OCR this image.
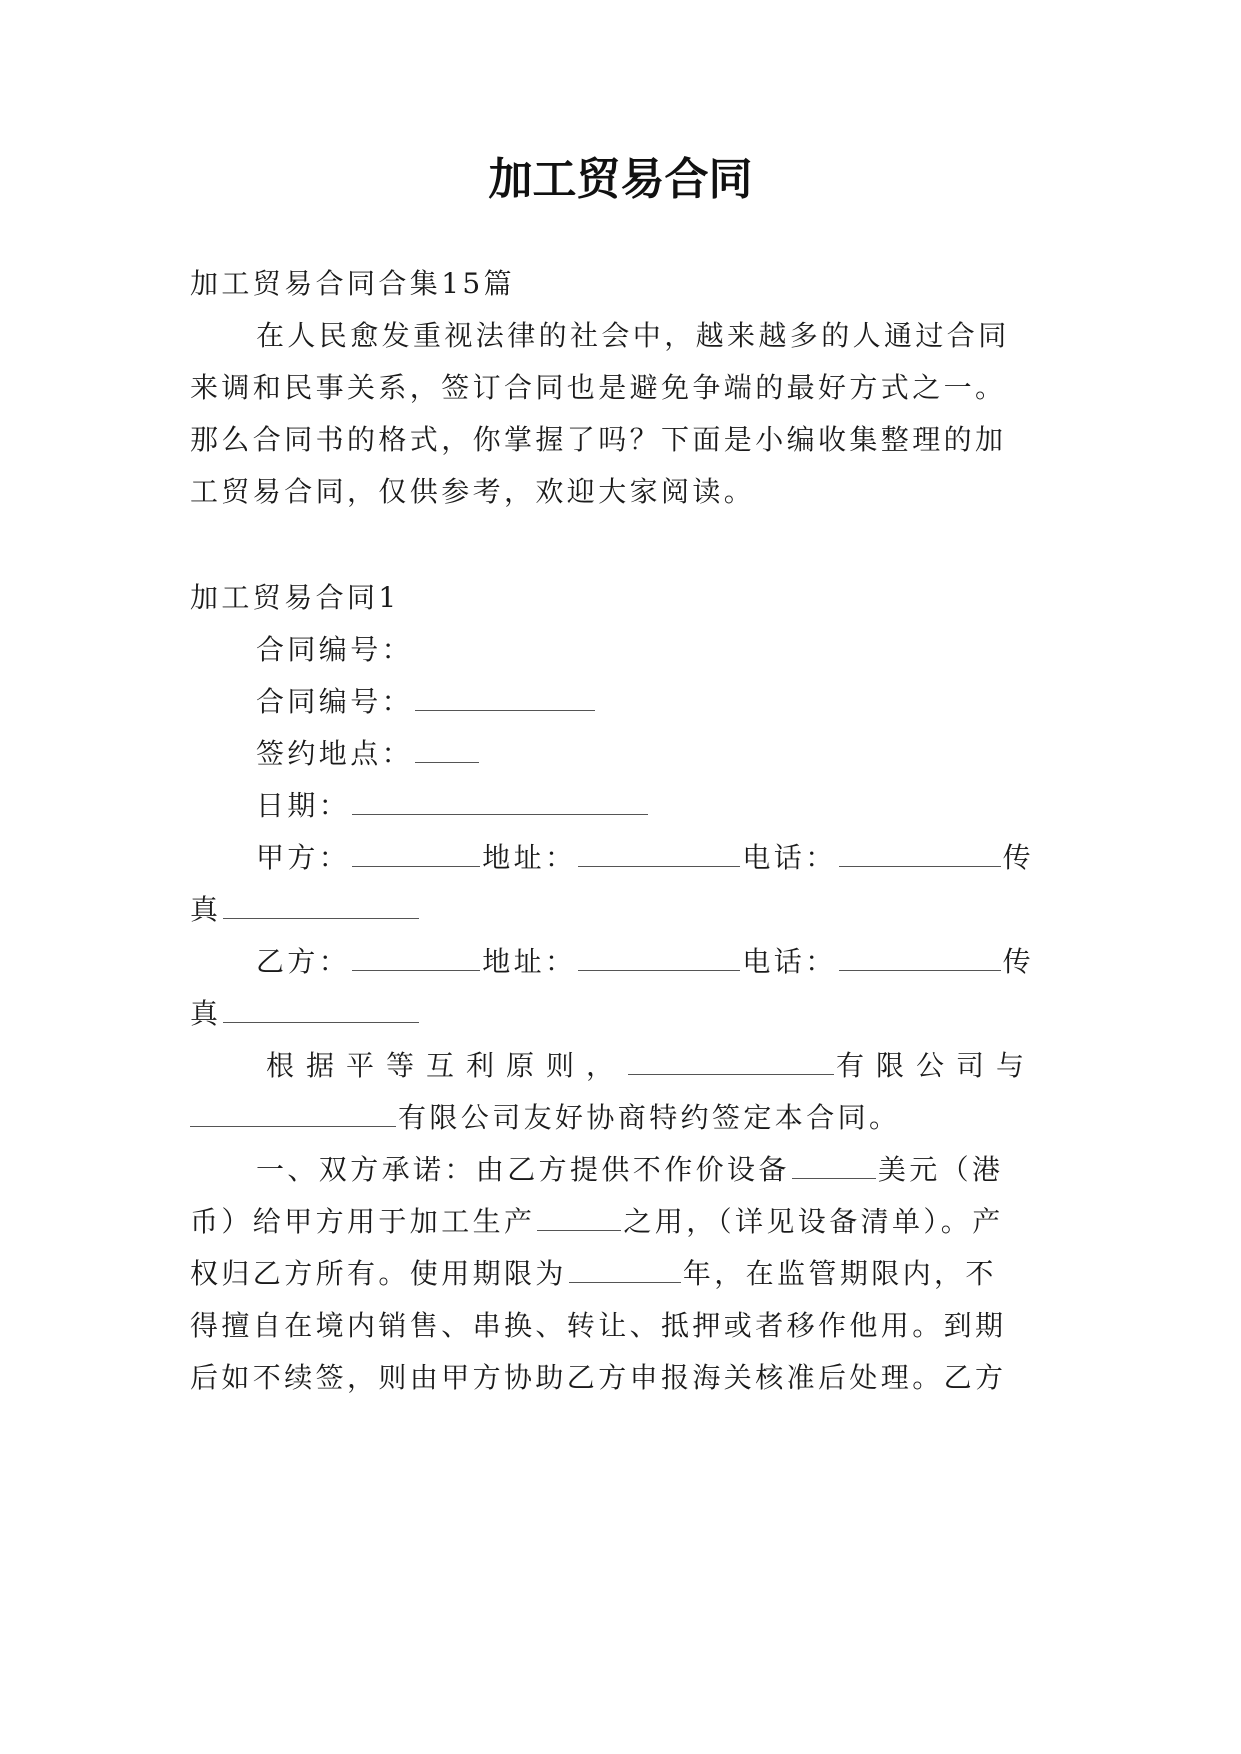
加工贸易合同
加工贸易合同合集15篇
在人民愈发重视法律的社会中，越来越多的人通过合同
来调和民事关系，签订合同也是避免争端的最好方式之一。
那么合同书的格式，你掌握了吗？下面是小编收集整理的加
工贸易合同，仅供参考，欢迎大家阅读。
加工贸易合同1
合同编号：
合同编号：
签约地点：
日期：
甲方：	地址：	电话：	传
真
乙方：	地址：	电话：	传
真
根据平等互利原则，	有限公司与
有限公司友好协商特约签定本合同。
一、双方承诺：由乙方提供不作价设备	美元（港
币）给甲方用于加工生产	之用，（详见设备清单）。产
权归乙方所有。使用期限为	年，在监管期限内，不
得擅自在境内销售、串换、转让、抵押或者移作他用。到期
后如不续签，则由甲方协助乙方申报海关核准后处理。乙方
